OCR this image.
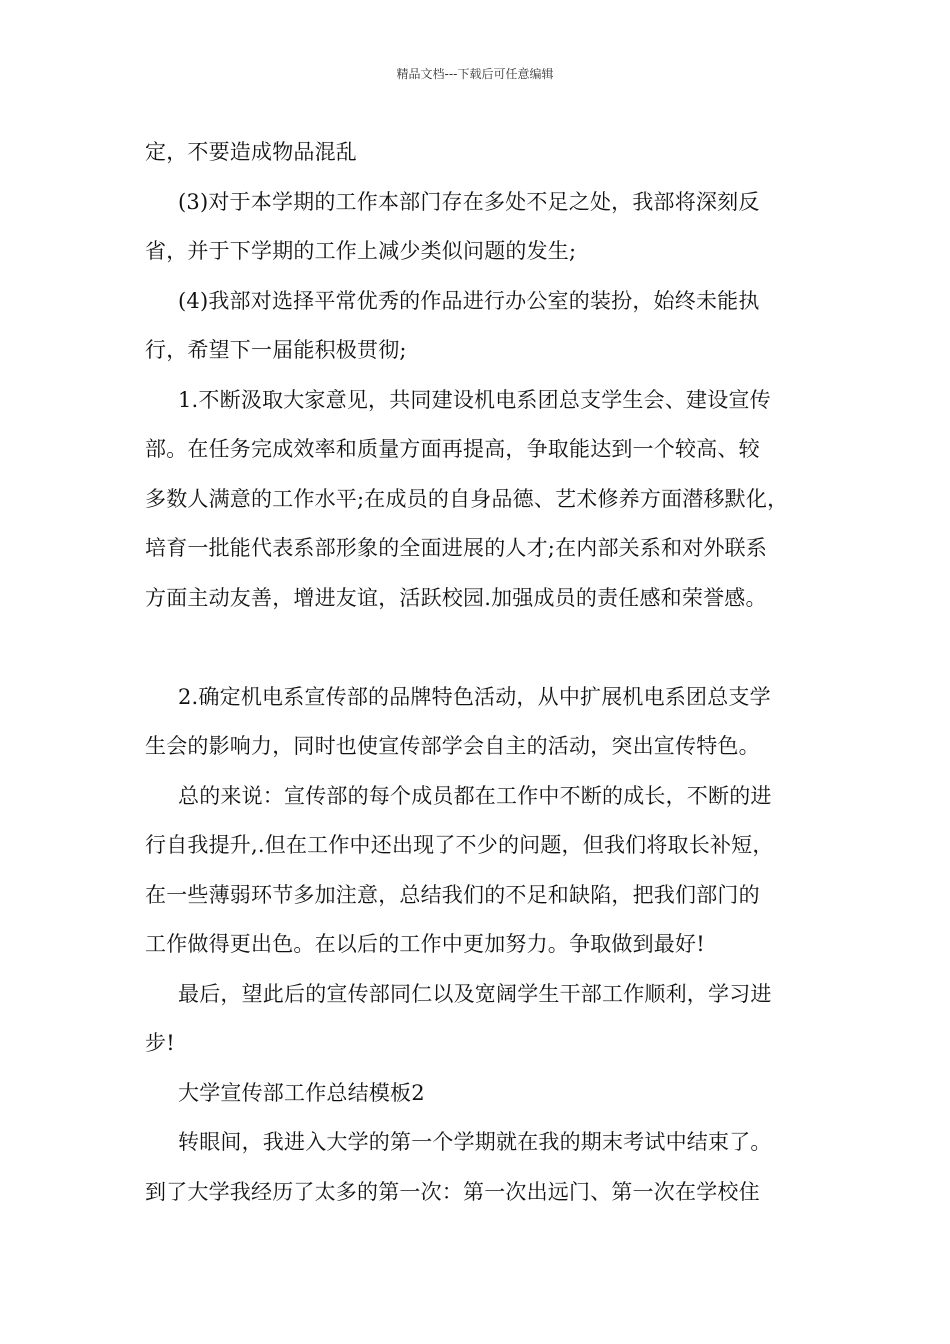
精品文档---下载后可任意编辑
定，不要造成物品混乱
(3)对于本学期的工作本部门存在多处不足之处，我部将深刻反
省，并于下学期的工作上减少类似问题的发生;
(4)我部对选择平常优秀的作品进行办公室的装扮，始终未能执
行，希望下一届能积极贯彻;
1.不断汲取大家意见，共同建设机电系团总支学生会、建设宣传
部。在任务完成效率和质量方面再提高，争取能达到一个较高、较
多数人满意的工作水平;在成员的自身品德、艺术修养方面潜移默化，
培育一批能代表系部形象的全面进展的人才;在内部关系和对外联系
方面主动友善，增进友谊，活跃校园.加强成员的责任感和荣誉感。
2.确定机电系宣传部的品牌特色活动，从中扩展机电系团总支学
生会的影响力，同时也使宣传部学会自主的活动，突出宣传特色。
总的来说：宣传部的每个成员都在工作中不断的成长，不断的进
行自我提升,.但在工作中还出现了不少的问题，但我们将取长补短，
在一些薄弱环节多加注意，总结我们的不足和缺陷，把我们部门的
工作做得更出色。在以后的工作中更加努力。争取做到最好!
最后，望此后的宣传部同仁以及宽阔学生干部工作顺利，学习进
步!
大学宣传部工作总结模板2
转眼间，我进入大学的第一个学期就在我的期末考试中结束了。
到了大学我经历了太多的第一次：第一次出远门、第一次在学校住
